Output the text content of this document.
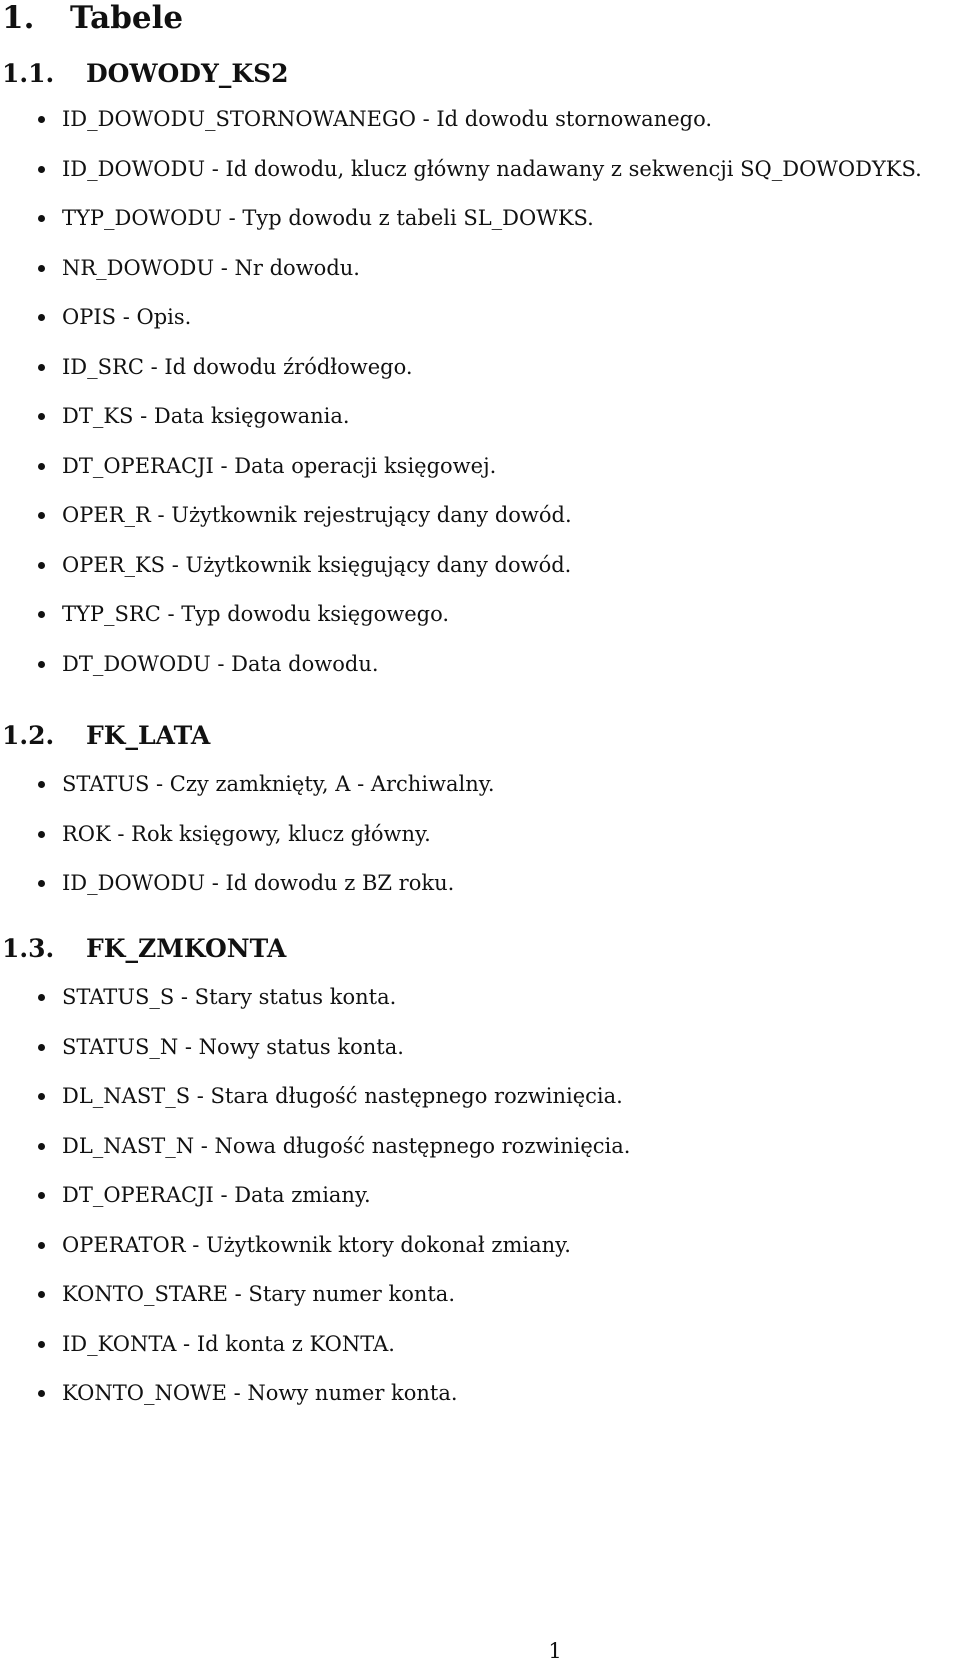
1. Tabele
1.1. DOWODY_KS2
ID_DOWODU_STORNOWANEGO - Id dowodu stornowanego.
ID_DOWODU - Id dowodu, klucz główny nadawany z sekwencji SQ_DOWODYKS.
TYP_DOWODU - Typ dowodu z tabeli SL_DOWKS.
NR_DOWODU - Nr dowodu.
OPIS - Opis.
ID_SRC - Id dowodu źródłowego.
DT_KS - Data księgowania.
DT_OPERACJI - Data operacji księgowej.
OPER_R - Użytkownik rejestrujący dany dowód.
OPER_KS - Użytkownik księgujący dany dowód.
TYP_SRC - Typ dowodu księgowego.
DT_DOWODU - Data dowodu.
1.2. FK_LATA
STATUS - Czy zamknięty, A - Archiwalny.
ROK - Rok księgowy, klucz główny.
ID_DOWODU - Id dowodu z BZ roku.
1.3. FK_ZMKONTA
STATUS_S - Stary status konta.
STATUS_N - Nowy status konta.
DL_NAST_S - Stara długość następnego rozwinięcia.
DL_NAST_N - Nowa długość następnego rozwinięcia.
DT_OPERACJI - Data zmiany.
OPERATOR - Użytkownik ktory dokonał zmiany.
KONTO_STARE - Stary numer konta.
ID_KONTA - Id konta z KONTA.
KONTO_NOWE - Nowy numer konta.
1
